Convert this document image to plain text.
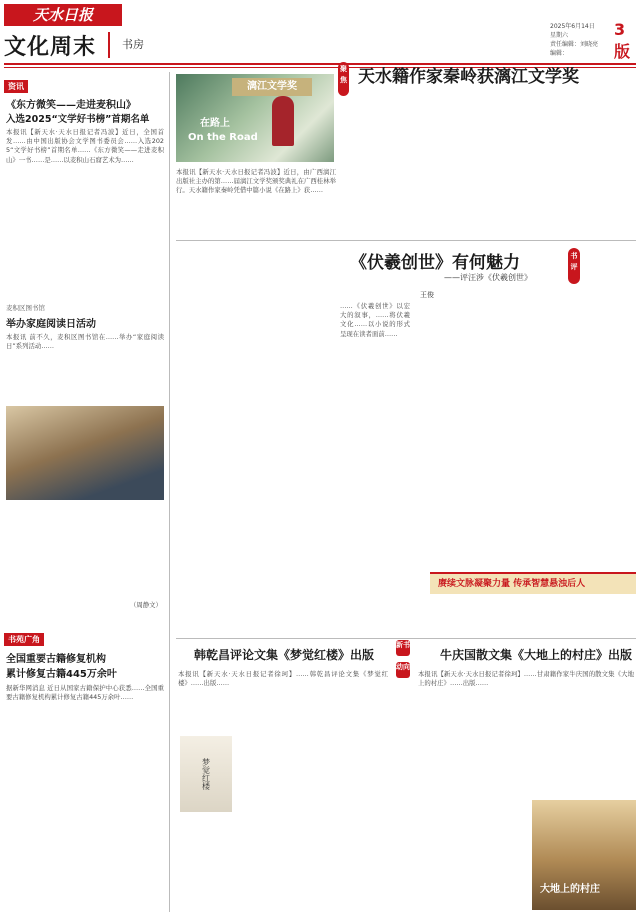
天水日报
文化周末 书房
2025年6月14日 星期六
责任编辑：刘晓亮 编辑：
3版
资讯
《东方微笑——走进麦积山》
入选2025“文学好书榜”首期名单
本报讯【新天水·天水日报记者冯波】近日，全国首发……由中国出版协会文学图书委员会……入选2025“文学好书榜”首期名单……《东方微笑——走进麦积山》一书……是……以麦积山石窟艺术为……
麦积区图书馆
举办家庭阅读日活动
本报讯 前不久，麦积区图书馆在……举办“家庭阅读日”系列活动……
（周静文）
书苑广角
全国重要古籍修复机构
累计修复古籍445万余叶
据新华网消息 近日从国家古籍保护中心获悉……全国重要古籍修复机构累计修复古籍445万余叶……
漓江文学奖
在路上
On the Road
聚焦 天水籍作家秦岭获漓江文学奖
本报讯【新天水·天水日报记者冯波】近日，由广西漓江出版社主办的第……届漓江文学奖颁奖典礼在广西桂林举行。天水籍作家秦岭凭借中篇小说《在路上》获……
《伏羲创世》有何魅力
——评汪涉《伏羲创世》
王俊
书评
……《伏羲创世》以宏大的叙事，……将伏羲文化……以小说的形式呈现在读者面前……
赓续文脉凝聚力量 传承智慧悬浊后人
韩乾昌评论文集《梦觉红楼》出版
本报讯【新天水·天水日报记者徐珂】……韩乾昌评论文集《梦觉红楼》……出版……
梦觉红楼
新书
动向
牛庆国散文集《大地上的村庄》出版
本报讯【新天水·天水日报记者徐珂】……甘肃籍作家牛庆国的散文集《大地上的村庄》……出版……
大地上的村庄
